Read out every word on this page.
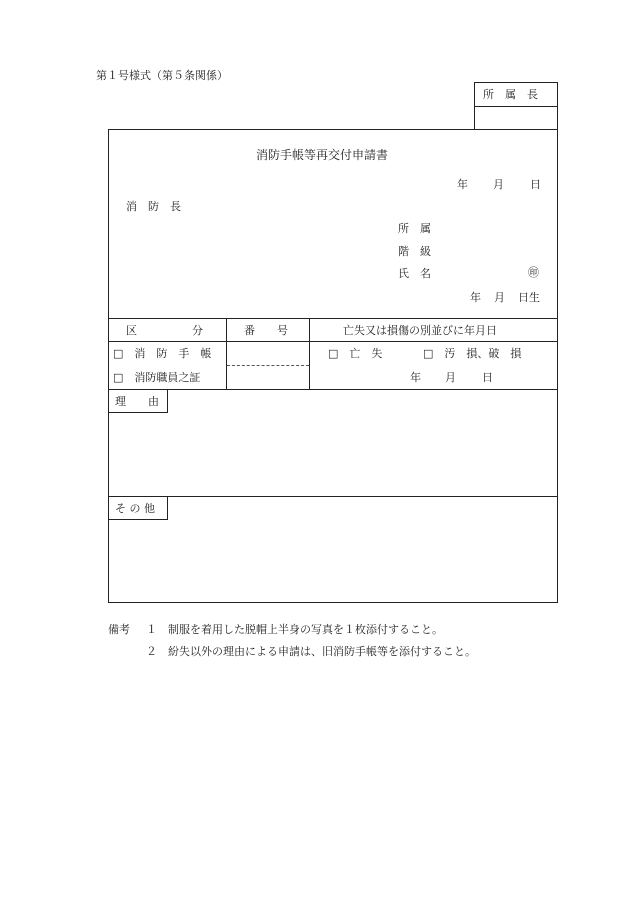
第１号様式（第５条関係）
所　属　長
消防手帳等再交付申請書
年 月 日
消　防　長
所　属
階　級
氏　名	㊞
年 月 日生
区　　　　　分	番　　号	亡失又は損傷の別並びに年月日
□　消　防　手　帳
□　消防職員之証
□　亡　失	□　汚　損、破　損
年 月 日
理　　由
そ の 他
備考 １ 制服を着用した脱帽上半身の写真を１枚添付すること。
２ 紛失以外の理由による申請は、旧消防手帳等を添付すること。
